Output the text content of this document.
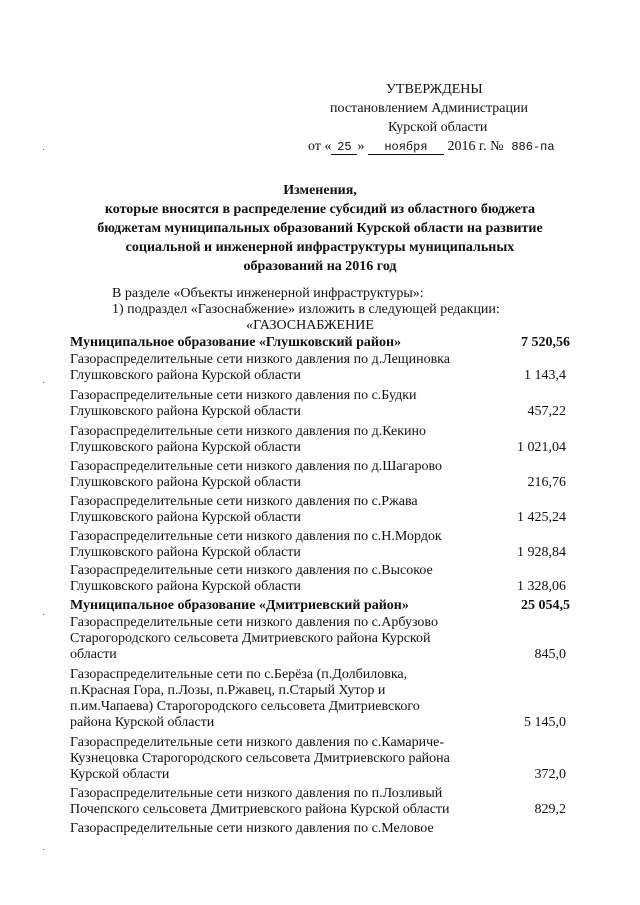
УТВЕРЖДЕНЫ
постановлением Администрации
Курской области
от « 25 » ноября 2016 г. № 886-па
Изменения,
которые вносятся в распределение субсидий из областного бюджета
бюджетам муниципальных образований Курской области на развитие
социальной и инженерной инфраструктуры муниципальных
образований на 2016 год
В разделе «Объекты инженерной инфраструктуры»:
1) подраздел «Газоснабжение» изложить в следующей редакции:
«ГАЗОСНАБЖЕНИЕ
Муниципальное образование «Глушковский район»	7 520,56
Газораспределительные сети низкого давления по д.Лещиновка
Глушковского района Курской области	1 143,4
Газораспределительные сети низкого давления по с.Будки
Глушковского района Курской области	457,22
Газораспределительные сети низкого давления по д.Кекино
Глушковского района Курской области	1 021,04
Газораспределительные сети низкого давления по д.Шагарово
Глушковского района Курской области	216,76
Газораспределительные сети низкого давления по с.Ржава
Глушковского района Курской области	1 425,24
Газораспределительные сети низкого давления по с.Н.Мордок
Глушковского района Курской области	1 928,84
Газораспределительные сети низкого давления по с.Высокое
Глушковского района Курской области	1 328,06
Муниципальное образование «Дмитриевский район»	25 054,5
Газораспределительные сети низкого давления по с.Арбузово
Старогородского сельсовета Дмитриевского района Курской
области	845,0
Газораспределительные сети по с.Берёза (п.Долбиловка,
п.Красная Гора, п.Лозы, п.Ржавец, п.Старый Хутор и
п.им.Чапаева) Старогородского сельсовета Дмитриевского
района Курской области	5 145,0
Газораспределительные сети низкого давления по с.Камаричe-
Кузнецовка Старогородского сельсовета Дмитриевского района
Курской области	372,0
Газораспределительные сети низкого давления по п.Лозливый
Почепского сельсовета Дмитриевского района Курской области	829,2
Газораспределительные сети низкого давления по с.Меловое
·
·
·
·
